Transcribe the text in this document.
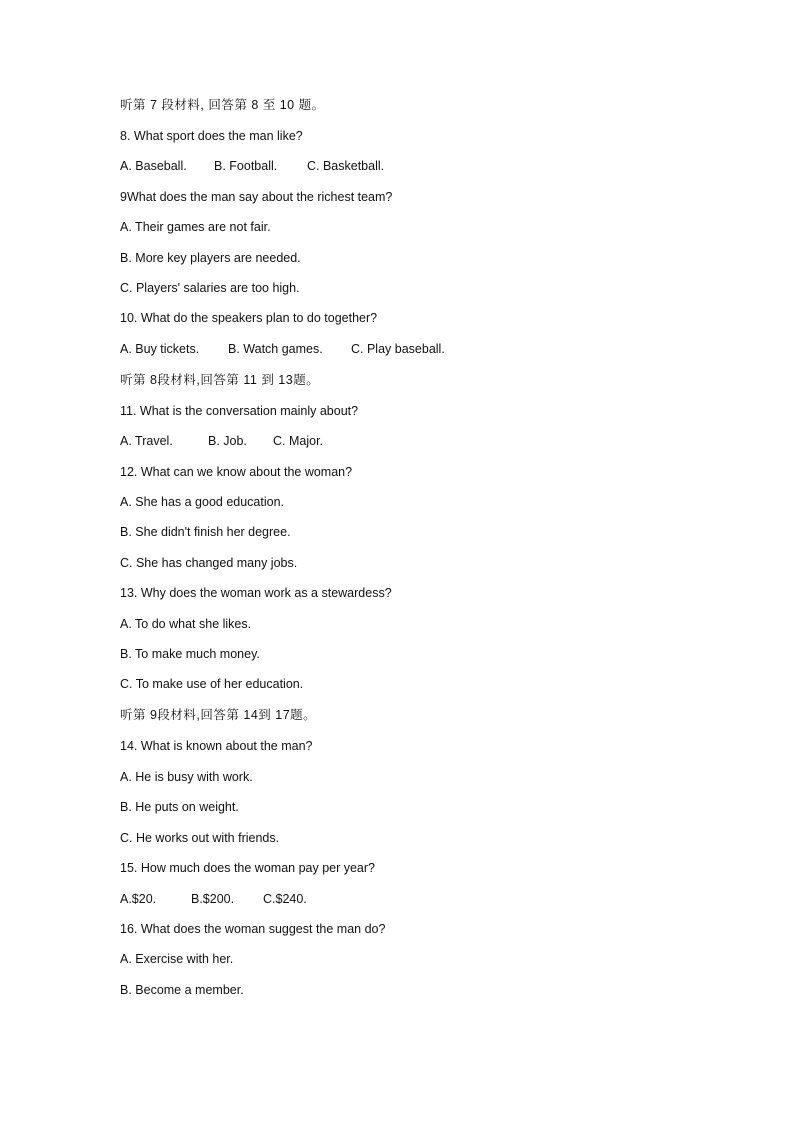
听第 7 段材料, 回答第 8 至 10 题。
8. What sport does the man like?
A. Baseball. B. Football. C. Basketball.
9What does the man say about the richest team?
A. Their games are not fair.
B. More key players are needed.
C. Players' salaries are too high.
10. What do the speakers plan to do together?
A. Buy tickets. B. Watch games. C. Play baseball.
听第 8段材料,回答第 11 到 13题。
11. What is the conversation mainly about?
A. Travel.	B. Job. C. Major.
12. What can we know about the woman?
A. She has a good education.
B. She didn't finish her degree.
C. She has changed many jobs.
13. Why does the woman work as a stewardess?
A. To do what she likes.
B. To make much money.
C. To make use of her education.
听第 9段材料,回答第 14到 17题。
14. What is known about the man?
A. He is busy with work.
B. He puts on weight.
C. He works out with friends.
15. How much does the woman pay per year?
A.$20.	B.$200. C.$240.
16. What does the woman suggest the man do?
A. Exercise with her.
B. Become a member.
